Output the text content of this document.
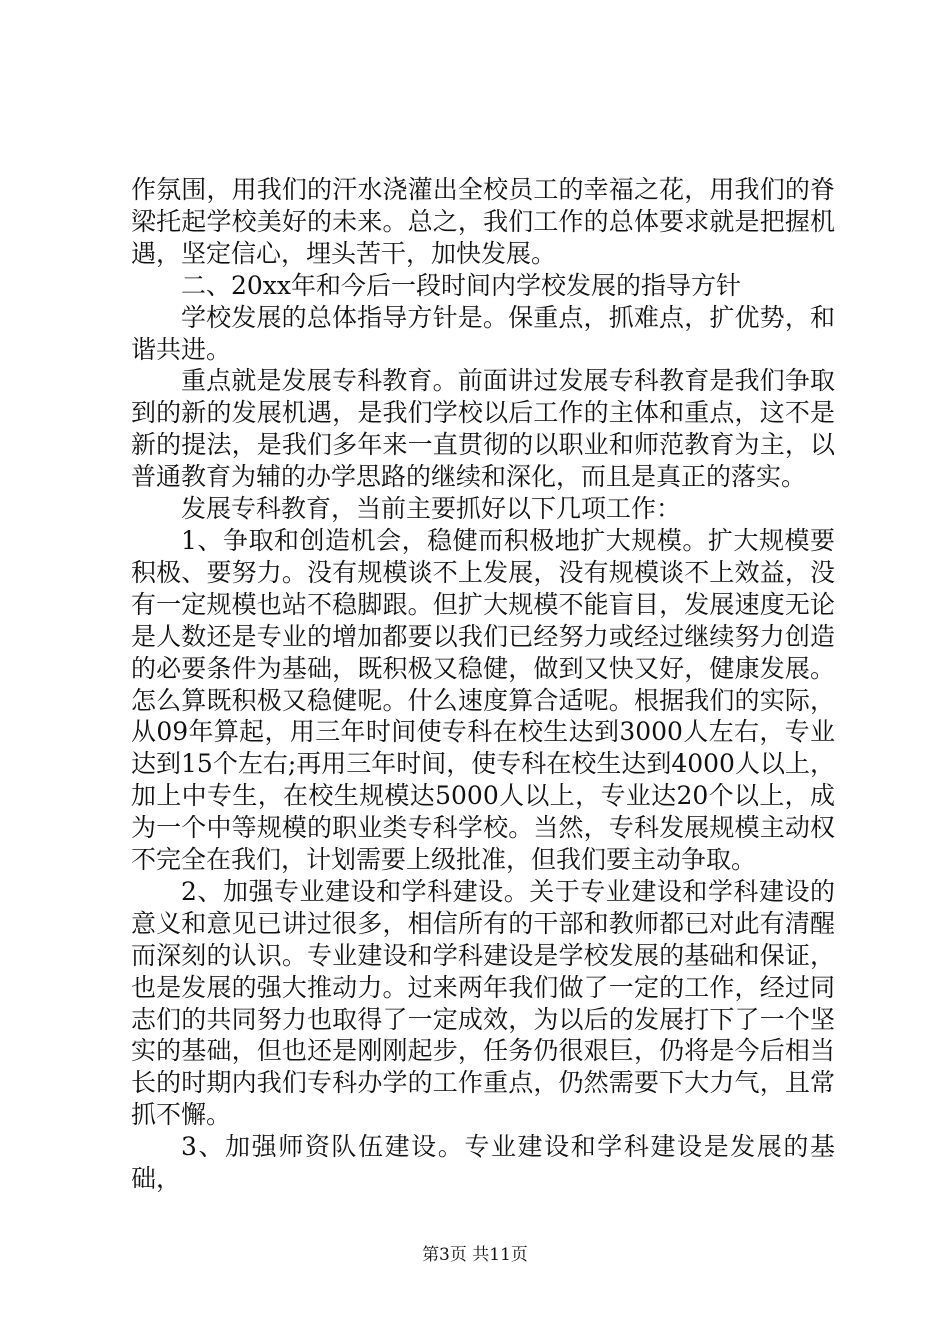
作氛围，用我们的汗水浇灌出全校员工的幸福之花，用我们的脊梁托起学校美好的未来。总之，我们工作的总体要求就是把握机遇，坚定信心，埋头苦干，加快发展。

二、20xx年和今后一段时间内学校发展的指导方针

学校发展的总体指导方针是。保重点，抓难点，扩优势，和谐共进。

重点就是发展专科教育。前面讲过发展专科教育是我们争取到的新的发展机遇，是我们学校以后工作的主体和重点，这不是新的提法，是我们多年来一直贯彻的以职业和师范教育为主，以普通教育为辅的办学思路的继续和深化，而且是真正的落实。

发展专科教育，当前主要抓好以下几项工作：

1、争取和创造机会，稳健而积极地扩大规模。扩大规模要积极、要努力。没有规模谈不上发展，没有规模谈不上效益，没有一定规模也站不稳脚跟。但扩大规模不能盲目，发展速度无论是人数还是专业的增加都要以我们已经努力或经过继续努力创造的必要条件为基础，既积极又稳健，做到又快又好，健康发展。怎么算既积极又稳健呢。什么速度算合适呢。根据我们的实际，从09年算起，用三年时间使专科在校生达到3000人左右，专业达到15个左右;再用三年时间，使专科在校生达到4000人以上，加上中专生，在校生规模达5000人以上，专业达20个以上，成为一个中等规模的职业类专科学校。当然，专科发展规模主动权不完全在我们，计划需要上级批准，但我们要主动争取。

2、加强专业建设和学科建设。关于专业建设和学科建设的意义和意见已讲过很多，相信所有的干部和教师都已对此有清醒而深刻的认识。专业建设和学科建设是学校发展的基础和保证，也是发展的强大推动力。过来两年我们做了一定的工作，经过同志们的共同努力也取得了一定成效，为以后的发展打下了一个坚实的基础，但也还是刚刚起步，任务仍很艰巨，仍将是今后相当长的时期内我们专科办学的工作重点，仍然需要下大力气，且常抓不懈。

3、加强师资队伍建设。专业建设和学科建设是发展的基础，

第3页 共11页
